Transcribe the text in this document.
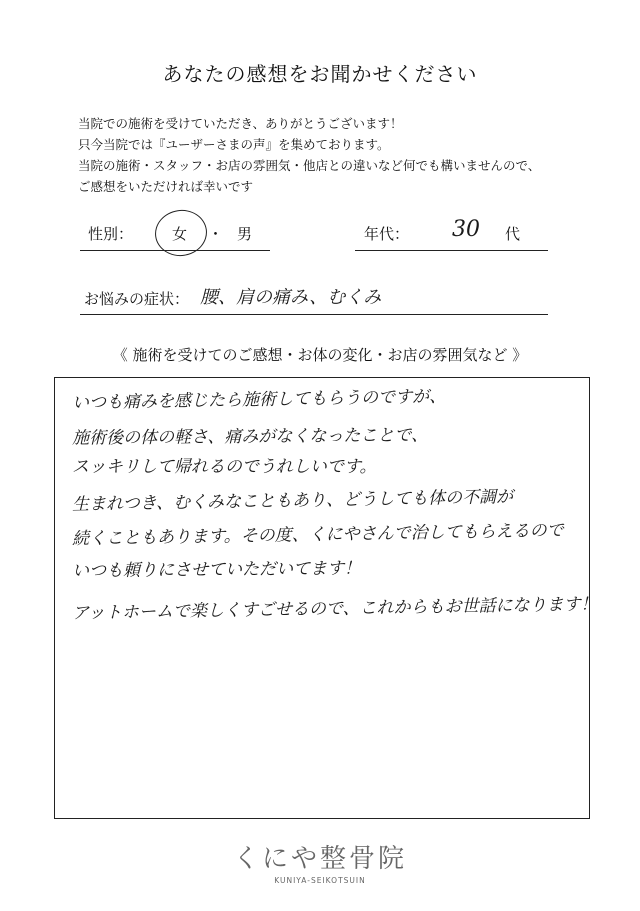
あなたの感想をお聞かせください
当院での施術を受けていただき、ありがとうございます！
只今当院では『ユーザーさまの声』を集めております。
当院の施術・スタッフ・お店の雰囲気・他店との違いなど何でも構いませんので、
ご感想をいただければ幸いです
性別：	女 ・ 男	年代： 30 代
お悩みの症状： 腰、肩の痛み、むくみ
《 施術を受けてのご感想・お体の変化・お店の雰囲気など 》
いつも痛みを感じたら施術してもらうのですが、
施術後の体の軽さ、痛みがなくなったことで、
スッキリして帰れるのでうれしいです。
生まれつき、むくみなこともあり、どうしても体の不調が
続くこともあります。その度、くにやさんで治してもらえるので
いつも頼りにさせていただいてます！
アットホームで楽しくすごせるので、これからもお世話になります！
くにや整骨院
KUNIYA-SEIKOTSUIN
